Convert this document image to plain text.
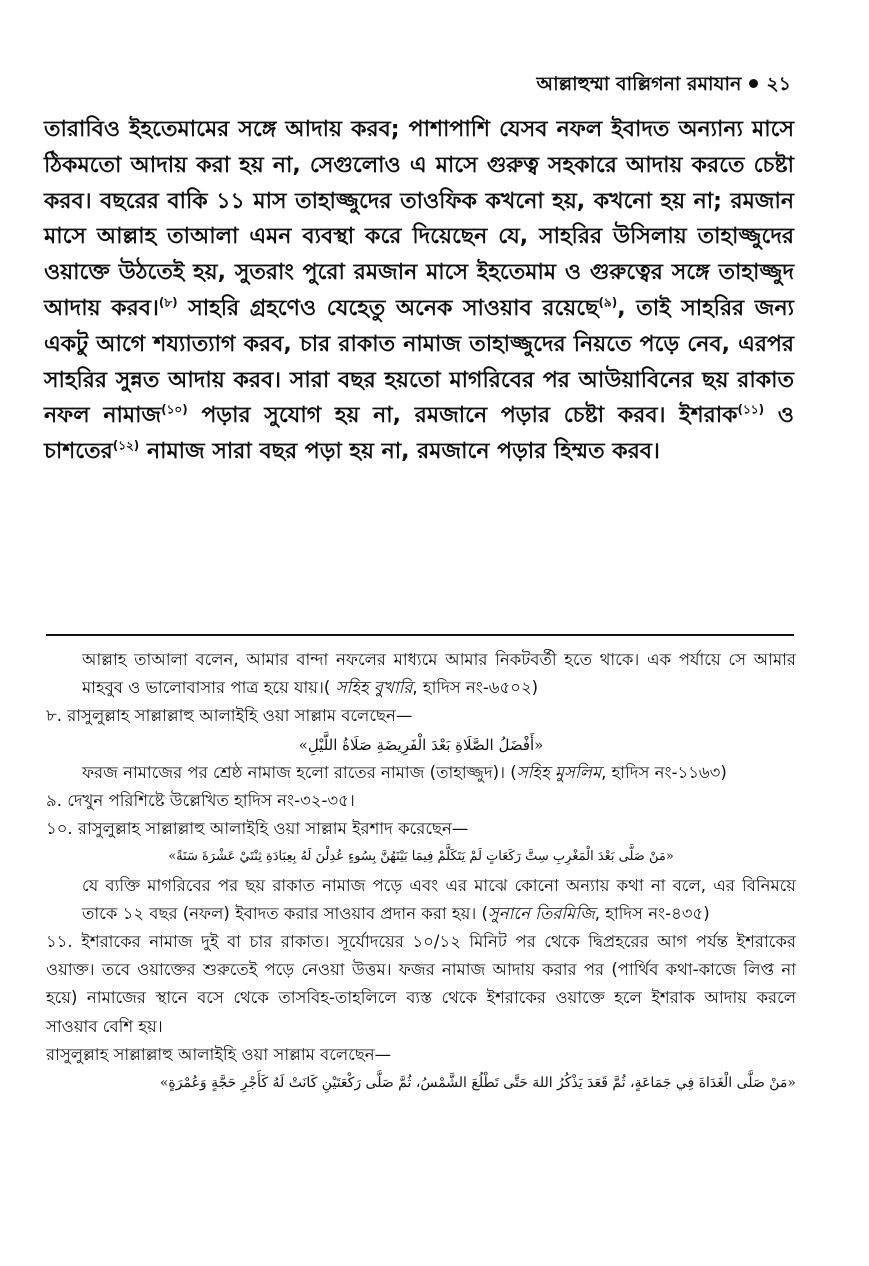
আল্লাহুম্মা বাল্লিগনা রমাযান ২১
তারাবিও ইহতেমামের সঙ্গে আদায় করব; পাশাপাশি যেসব নফল ইবাদত অন্যান্য মাসে ঠিকমতো আদায় করা হয় না, সেগুলোও এ মাসে গুরুত্ব সহকারে আদায় করতে চেষ্টা করব। বছরের বাকি ১১ মাস তাহাজ্জুদের তাওফিক কখনো হয়, কখনো হয় না; রমজান মাসে আল্লাহ তাআলা এমন ব্যবস্থা করে দিয়েছেন যে, সাহরির উসিলায় তাহাজ্জুদের ওয়াক্তে উঠতেই হয়, সুতরাং পুরো রমজান মাসে ইহতেমাম ও গুরুত্বের সঙ্গে তাহাজ্জুদ আদায় করব।$^{(৮)}$ সাহরি গ্রহণেও যেহেতু অনেক সাওয়াব রয়েছে$^{(৯)}$, তাই সাহরির জন্য একটু আগে শয্যাত্যাগ করব, চার রাকাত নামাজ তাহাজ্জুদের নিয়তে পড়ে নেব, এরপর সাহরির সুন্নত আদায় করব। সারা বছর হয়তো মাগরিবের পর আউয়াবিনের ছয় রাকাত নফল নামাজ$^{(১০)}$ পড়ার সুযোগ হয় না, রমজানে পড়ার চেষ্টা করব। ইশরাক$^{(১১)}$ ও চাশতের$^{(১২)}$ নামাজ সারা বছর পড়া হয় না, রমজানে পড়ার হিম্মত করব।

আল্লাহ তাআলা বলেন, আমার বান্দা নফলের মাধ্যমে আমার নিকটবর্তী হতে থাকে। এক পর্যায়ে সে আমার মাহবুব ও ভালোবাসার পাত্র হয়ে যায়।( সহিহ বুখারি, হাদিস নং-৬৫০২)

৮. রাসুলুল্লাহ সাল্লাল্লাহু আলাইহি ওয়া সাল্লাম বলেছেন—

«أَفْضَلُ الصَّلَاةِ بَعْدَ الْفَرِيضَةِ صَلَاةُ اللَّيْلِ»

ফরজ নামাজের পর শ্রেষ্ঠ নামাজ হলো রাতের নামাজ (তাহাজ্জুদ)। (সহিহ মুসলিম, হাদিস নং-১১৬৩)

৯. দেখুন পরিশিষ্টে উল্লেখিত হাদিস নং-৩২-৩৫।

১০. রাসুলুল্লাহ সাল্লাল্লাহু আলাইহি ওয়া সাল্লাম ইরশাদ করেছেন—

«مَنْ صَلَّى بَعْدَ الْمَغْرِبِ سِتَّ رَكَعَاتٍ لَمْ يَتَكَلَّمْ فِيمَا بَيْنَهُنَّ بِسُوءٍ عُدِلْنَ لَهُ بِعِبَادَةِ ثِنْتَيْ عَشْرَةَ سَنَةً»

যে ব্যক্তি মাগরিবের পর ছয় রাকাত নামাজ পড়ে এবং এর মাঝে কোনো অন্যায় কথা না বলে, এর বিনিময়ে তাকে ১২ বছর (নফল) ইবাদত করার সাওয়াব প্রদান করা হয়। (সুনানে তিরমিজি, হাদিস নং-৪৩৫)

১১. ইশরাকের নামাজ দুই বা চার রাকাত। সূর্যোদয়ের ১০/১২ মিনিট পর থেকে দ্বিপ্রহরের আগ পর্যন্ত ইশরাকের ওয়াক্ত। তবে ওয়াক্তের শুরুতেই পড়ে নেওয়া উত্তম। ফজর নামাজ আদায় করার পর (পার্থিব কথা-কাজে লিপ্ত না হয়ে) নামাজের স্থানে বসে থেকে তাসবিহ-তাহলিলে ব্যস্ত থেকে ইশরাকের ওয়াক্তে হলে ইশরাক আদায় করলে সাওয়াব বেশি হয়।

রাসুলুল্লাহ সাল্লাল্লাহু আলাইহি ওয়া সাল্লাম বলেছেন—

«مَنْ صَلَّى الْغَدَاةَ فِي جَمَاعَةٍ، ثُمَّ قَعَدَ يَذْكُرُ اللهَ حَتَّى تَطْلُعَ الشَّمْسُ، ثُمَّ صَلَّى رَكْعَتَيْنِ كَانَتْ لَهُ كَأَجْرِ حَجَّةٍ وَعُمْرَةٍ»
